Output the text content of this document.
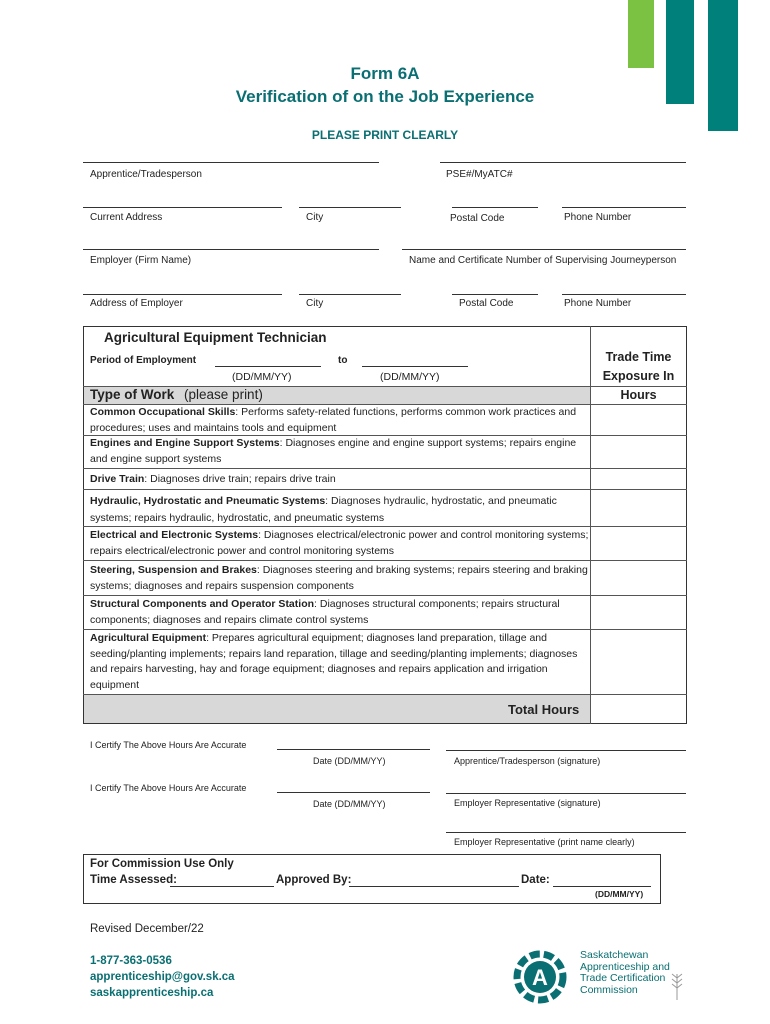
Form 6A
Verification of on the Job Experience
PLEASE PRINT CLEARLY
Apprentice/Tradesperson	PSE#/MyATC#
Current Address	City	Postal Code	Phone Number
Employer (Firm Name)	Name and Certificate Number of Supervising Journeyperson
Address of Employer	City	Postal Code	Phone Number
Agricultural Equipment Technician
Period of Employment	to
(DD/MM/YY)	(DD/MM/YY)
Trade Time
Exposure In
Hours
Type of Work (please print)
Common Occupational Skills: Performs safety-related functions, performs common work practices and procedures; uses and maintains tools and equipment
Engines and Engine Support Systems: Diagnoses engine and engine support systems; repairs engine and engine support systems
Drive Train: Diagnoses drive train; repairs drive train
Hydraulic, Hydrostatic and Pneumatic Systems: Diagnoses hydraulic, hydrostatic, and pneumatic systems; repairs hydraulic, hydrostatic, and pneumatic systems
Electrical and Electronic Systems: Diagnoses electrical/electronic power and control monitoring systems; repairs electrical/electronic power and control monitoring systems
Steering, Suspension and Brakes: Diagnoses steering and braking systems; repairs steering and braking systems; diagnoses and repairs suspension components
Structural Components and Operator Station: Diagnoses structural components; repairs structural components; diagnoses and repairs climate control systems
Agricultural Equipment: Prepares agricultural equipment; diagnoses land preparation, tillage and seeding/planting implements; repairs land reparation, tillage and seeding/planting implements; diagnoses and repairs harvesting, hay and forage equipment; diagnoses and repairs application and irrigation equipment
Total Hours
I Certify The Above Hours Are Accurate
Date (DD/MM/YY)	Apprentice/Tradesperson (signature)
I Certify The Above Hours Are Accurate
Date (DD/MM/YY)	Employer Representative (signature)
Employer Representative (print name clearly)
For Commission Use Only
Time Assessed:	Approved By:	Date:
(DD/MM/YY)
Revised December/22
1-877-363-0536
apprenticeship@gov.sk.ca
saskapprenticeship.ca
A
Saskatchewan
Apprenticeship and
Trade Certification
Commission
